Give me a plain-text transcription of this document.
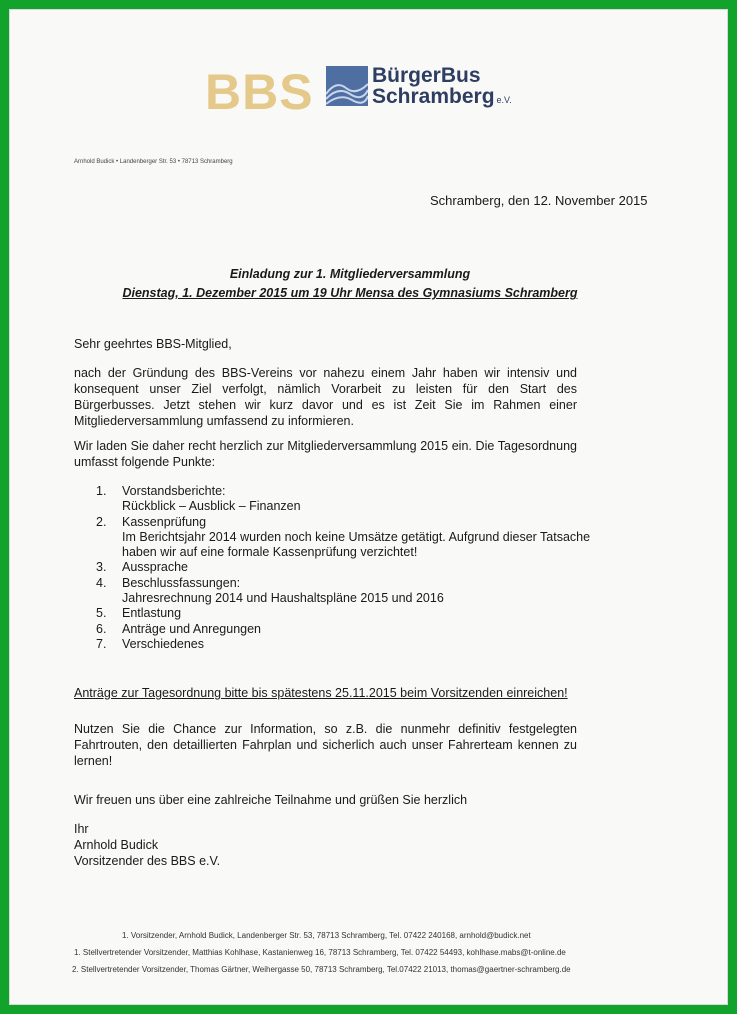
BBS	BürgerBus
Schramberg e.V.
Arnhold Budick • Landenberger Str. 53 • 78713 Schramberg
Schramberg, den 12. November 2015
Einladung zur 1. Mitgliederversammlung
Dienstag, 1. Dezember 2015 um 19 Uhr Mensa des Gymnasiums Schramberg
Sehr geehrtes BBS-Mitglied,
nach der Gründung des BBS-Vereins vor nahezu einem Jahr haben wir intensiv und konsequent unser Ziel verfolgt, nämlich Vorarbeit zu leisten für den Start des Bürgerbusses. Jetzt stehen wir kurz davor und es ist Zeit Sie im Rahmen einer Mitgliederversammlung umfassend zu informieren.
Wir laden Sie daher recht herzlich zur Mitgliederversammlung 2015 ein. Die Tagesordnung umfasst folgende Punkte:
1. Vorstandsberichte:
Rückblick – Ausblick – Finanzen
2. Kassenprüfung
Im Berichtsjahr 2014 wurden noch keine Umsätze getätigt. Aufgrund dieser Tatsache haben wir auf eine formale Kassenprüfung verzichtet!
3. Aussprache
4. Beschlussfassungen:
Jahresrechnung 2014 und Haushaltspläne 2015 und 2016
5. Entlastung
6. Anträge und Anregungen
7. Verschiedenes
Anträge zur Tagesordnung bitte bis spätestens 25.11.2015 beim Vorsitzenden einreichen!
Nutzen Sie die Chance zur Information, so z.B. die nunmehr definitiv festgelegten Fahrtrouten, den detaillierten Fahrplan und sicherlich auch unser Fahrerteam kennen zu lernen!
Wir freuen uns über eine zahlreiche Teilnahme und grüßen Sie herzlich
Ihr
Arnhold Budick
Vorsitzender des BBS e.V.
1. Vorsitzender, Arnhold Budick, Landenberger Str. 53, 78713 Schramberg, Tel. 07422 240168, arnhold@budick.net
1. Stellvertretender Vorsitzender, Matthias Kohlhase, Kastanienweg 16, 78713 Schramberg, Tel. 07422 54493, kohlhase.mabs@t-online.de
2. Stellvertretender Vorsitzender, Thomas Gärtner, Weihergasse 50, 78713 Schramberg, Tel.07422 21013, thomas@gaertner-schramberg.de
